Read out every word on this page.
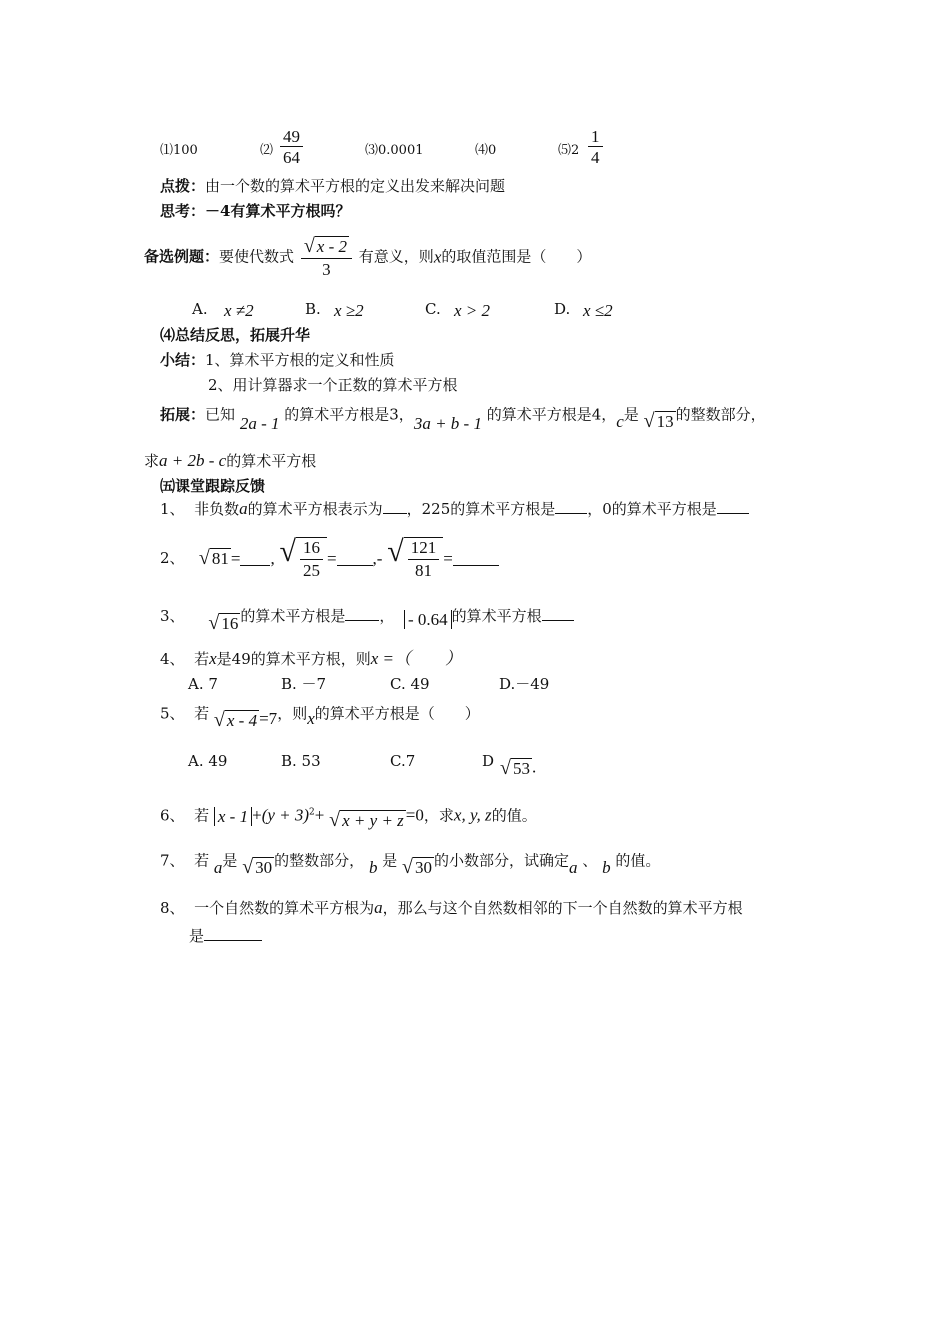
⑴100	⑵ $\frac{49}{64}$	⑶0.0001	⑷0	⑸2 $\frac{1}{4}$
点拨：由一个数的算术平方根的定义出发来解决问题
思考：－4有算术平方根吗？
备选例题：要使代数式 $\frac{√ x - 2}{3}$ 有意义，则x的取值范围是（　　）
A. x ≠2	B. x ≥2	C. x > 2	D. x ≤2
⑷总结反思，拓展升华
小结：1、算术平方根的定义和性质
2、用计算器求一个正数的算术平方根
拓展：已知 2a - 1 的算术平方根是3，3a + b - 1 的算术平方根是4，c是 √ 13 的整数部分，
求a + 2b - c的算术平方根
㈤课堂跟踪反馈
1、 非负数a的算术平方根表示为 ，225的算术平方根是 ，0的算术平方根是
2、 √ 81 = , √ $\frac{16}{25}$ = ,- √ $\frac{121}{81}$ =
3、 √ 16 的算术平方根是 ， - 0.64 的算术平方根
4、 若x是49的算术平方根，则x =（　　）
A. 7	B. －7	C. 49	D.－49
5、 若 √ x - 4 =7，则x的算术平方根是（　　）
A. 49	B. 53	C.7	D √ 53 .
6、 若 $x - 1 +(y + 3)^2+$ √ x + y + z =0，求x, y, z的值。
7、 若 a是 √ 30 的整数部分， b 是 √ 30 的小数部分，试确定a 、 b 的值。
8、 一个自然数的算术平方根为a，那么与这个自然数相邻的下一个自然数的算术平方根
是
